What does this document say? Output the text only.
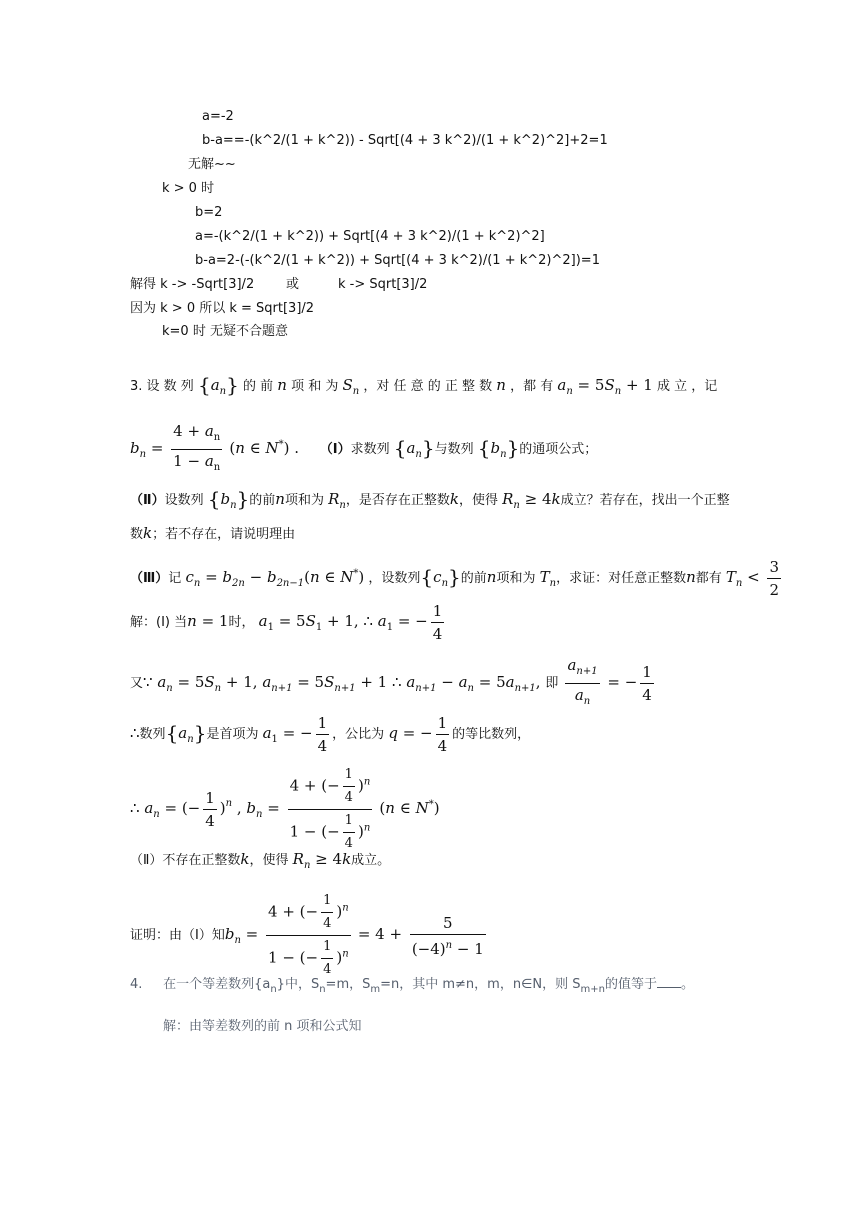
a=-2
b-a==-(k^2/(1 + k^2)) - Sqrt[(4 + 3 k^2)/(1 + k^2)^2]+2=1
无解~~
k > 0 时
b=2
a=-(k^2/(1 + k^2)) + Sqrt[(4 + 3 k^2)/(1 + k^2)^2]
b-a=2-(-(k^2/(1 + k^2)) + Sqrt[(4 + 3 k^2)/(1 + k^2)^2])=1
解得 k -> -Sqrt[3]/2 或	k -> Sqrt[3]/2
因为 k > 0 所以 k = Sqrt[3]/2
k=0 时 无疑不合题意
3. 设 数 列 $\{a_n\}$ 的 前 n 项 和 为 $S_n$ ，对 任 意 的 正 整 数 n ，都 有 $a_n = 5S_n + 1$ 成 立 ，记
$b_n = \frac{4 + a_n}{1 - a_n} (n$ ∈ N*) . （Ⅰ）求数列 $\{a_n\}$与数列 $\{b_n\}$的通项公式；
（Ⅱ）设数列 $\{b_n\}$的前n项和为 $R_n$，是否存在正整数k，使得 $R_n \ge 4k$成立？若存在，找出一个正整
数k；若不存在，请说明理由
（Ⅲ）记 $c_n = b_{2n} - b_{2n-1}(n$ ∈ N*) ，设数列$\{c_n\}$的前n项和为 $T_n$，求证：对任意正整数n都有 $T_n < \frac{3}{2}$
解：(Ⅰ) 当n = 1时， $a_1 = 5S_1 + 1$, ∴ $a_1$ = − $\frac{1}{4}$
又∵ $a_n = 5S_n + 1$, $a_{n+1} = 5S_{n+1} + 1$ ∴ $a_{n+1} - a_n = 5a_{n+1}$, 即 $\frac{a_{n+1}}{a_n}$ = − $\frac{1}{4}$
∴数列$\{a_n\}$是首项为 $a_1$ = − $\frac{1}{4}$ ，公比为 q = − $\frac{1}{4}$ 的等比数列，
∴ $a_n$ = (− $\frac{1}{4} )^n$ , $b_n = \frac{4 + (- \frac{1}{4} )^n}{1 - (- \frac{1}{4} )^n} (n$ ∈ N*)
（Ⅱ）不存在正整数k，使得 $R_n \ge 4k$成立。
证明：由（Ⅰ）知$b_n = \frac{4 + (- \frac{1}{4} )^n}{1 - (- \frac{1}{4} )^n} = 4 + \frac{5}{(-4)^n - 1}$
4. 在一个等差数列$\{a_n\}$中，$S_n=m$，$S_m=n$，其中 m≠n，m，n∈N，则 $S_{m+n}$的值等于 。
解：由等差数列的前 n 项和公式知
